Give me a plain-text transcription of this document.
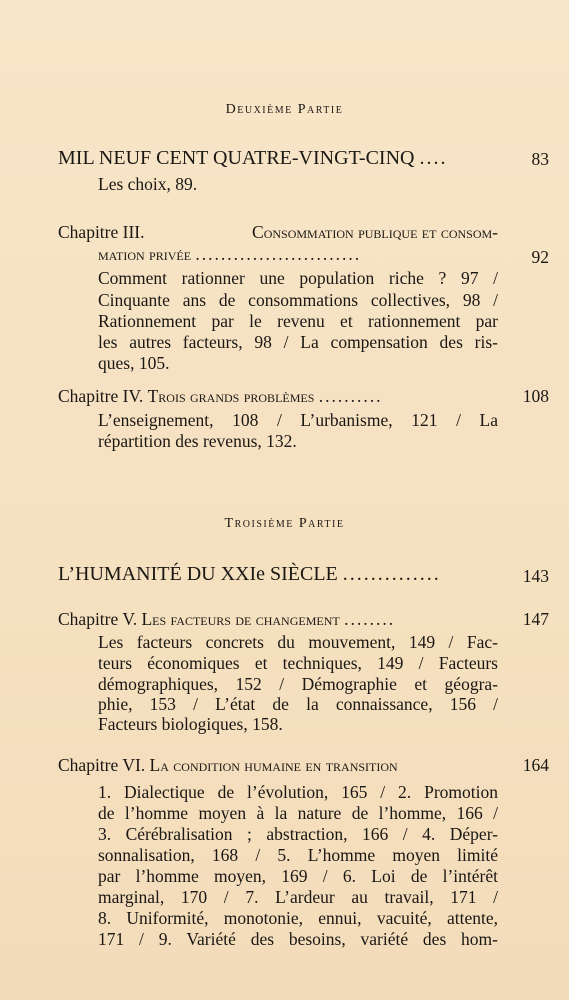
Deuxième Partie
MIL NEUF CENT QUATRE-VINGT-CINQ ....	83
Les choix, 89.
Chapitre III.	Consommation publique et consom-
mation privée ..........................	92
Comment rationner une population riche ? 97 /
Cinquante ans de consommations collectives, 98 /
Rationnement par le revenu et rationnement par
les autres facteurs, 98 / La compensation des ris-
ques, 105.
Chapitre IV. Trois grands problèmes ..........	108
L’enseignement, 108 / L’urbanisme, 121 / La
répartition des revenus, 132.
Troisième Partie
L’HUMANITÉ DU XXIe SIÈCLE ..............	143
Chapitre V. Les facteurs de changement ........	147
Les facteurs concrets du mouvement, 149 / Fac-
teurs économiques et techniques, 149 / Facteurs
démographiques, 152 / Démographie et géogra-
phie, 153 / L’état de la connaissance, 156 /
Facteurs biologiques, 158.
Chapitre VI. La condition humaine en transition	164
1. Dialectique de l’évolution, 165 / 2. Promotion
de l’homme moyen à la nature de l’homme, 166 /
3. Cérébralisation ; abstraction, 166 / 4. Déper-
sonnalisation, 168 / 5. L’homme moyen limité
par l’homme moyen, 169 / 6. Loi de l’intérêt
marginal, 170 / 7. L’ardeur au travail, 171 /
8. Uniformité, monotonie, ennui, vacuité, attente,
171 / 9. Variété des besoins, variété des hom-
